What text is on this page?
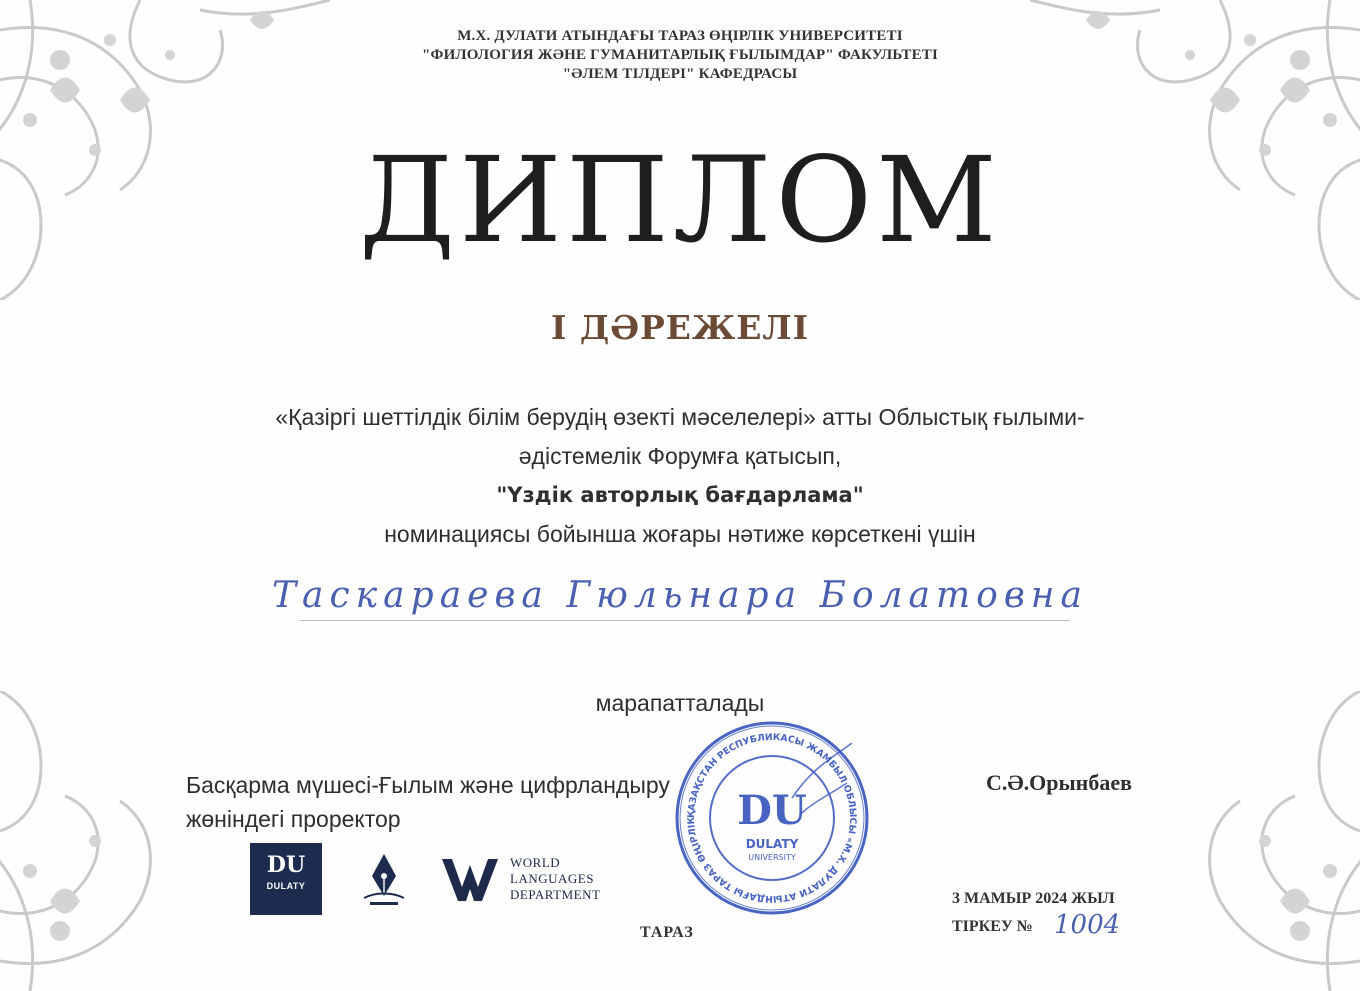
М.Х. ДУЛАТИ АТЫНДАҒЫ ТАРАЗ ӨҢІРЛІК УНИВЕРСИТЕТІ
"ФИЛОЛОГИЯ ЖӘНЕ ГУМАНИТАРЛЫҚ ҒЫЛЫМДАР" ФАКУЛЬТЕТІ
"ӘЛЕМ ТІЛДЕРІ" КАФЕДРАСЫ
ДИПЛОМ
I ДӘРЕЖЕЛІ
«Қазіргі шеттілдік білім берудің өзекті мәселелері» атты Облыстық ғылыми-
әдістемелік Форумға қатысып,
"Үздік авторлық бағдарлама"
номинациясы бойынша жоғары нәтиже көрсеткені үшін
Таскараева Гюльнара Болатовна
марапатталады
Басқарма мүшесі-Ғылым және цифрландыру
жөніндегі проректор
С.Ә.Орынбаев
ҚАЗАҚСТАН РЕСПУБЛИКАСЫ ЖАМБЫЛ ОБЛЫСЫ «М.Х. ДУЛАТИ АТЫНДАҒЫ ТАРАЗ ӨҢІРЛІК	DU
DULATY
UNIVERSITY
DU
DULATY
WORLD
LANGUAGES
DEPARTMENT
ТАРАЗ
3 МАМЫР 2024 ЖЫЛ
ТІРКЕУ № 1004
